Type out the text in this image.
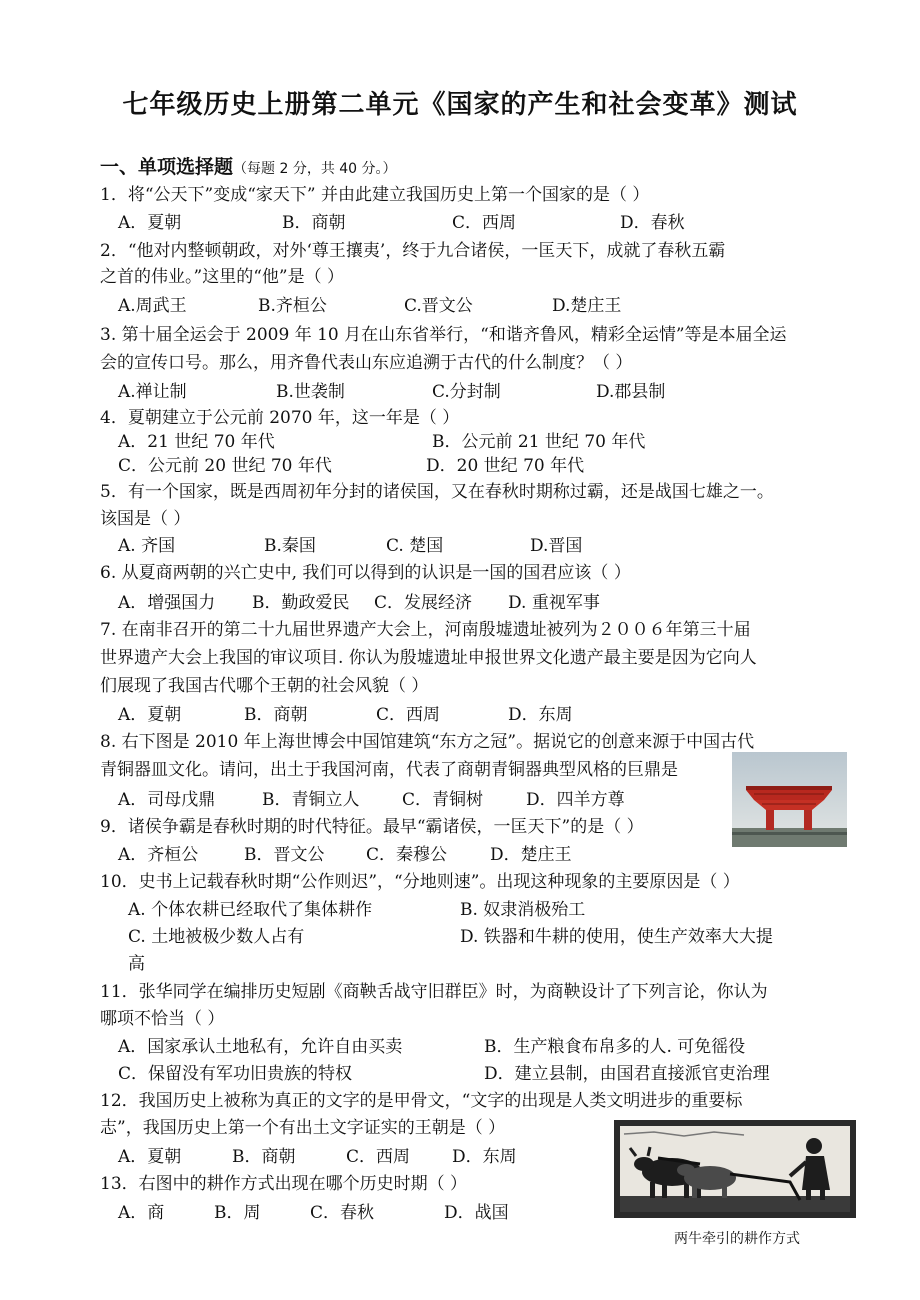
七年级历史上册第二单元《国家的产生和社会变革》测试
一、单项选择题（每题 2 分，共 40 分。）
1．将“公天下”变成“家天下” 并由此建立我国历史上第一个国家的是（ ）
A．夏朝	B．商朝	C．西周	D．春秋
2．“他对内整顿朝政，对外‘尊王攘夷’，终于九合诸侯，一匡天下，成就了春秋五霸
之首的伟业。”这里的“他”是（ ）
A.周武王	B.齐桓公	C.晋文公	D.楚庄王
3. 第十届全运会于 2009 年 10 月在山东省举行，“和谐齐鲁风，精彩全运情”等是本届全运
会的宣传口号。那么，用齐鲁代表山东应追溯于古代的什么制度？（ ）
A.禅让制	B.世袭制	C.分封制	D.郡县制
4．夏朝建立于公元前 2070 年，这一年是（ ）
A．21 世纪 70 年代	B．公元前 21 世纪 70 年代
C．公元前 20 世纪 70 年代	D．20 世纪 70 年代
5．有一个国家，既是西周初年分封的诸侯国，又在春秋时期称过霸，还是战国七雄之一。
该国是（ ）
A. 齐国	B.秦国	C. 楚国	D.晋国
6. 从夏商两朝的兴亡史中, 我们可以得到的认识是一国的国君应该（ ）
A．增强国力 B．勤政爱民 C．发展经济 D. 重视军事
7. 在南非召开的第二十九届世界遗产大会上，河南殷墟遗址被列为２００６年第三十届
世界遗产大会上我国的审议项目. 你认为殷墟遗址申报世界文化遗产最主要是因为它向人
们展现了我国古代哪个王朝的社会风貌（ ）
A．夏朝	B．商朝	C．西周	D．东周
8. 右下图是 2010 年上海世博会中国馆建筑“东方之冠”。据说它的创意来源于中国古代
青铜器皿文化。请问，出土于我国河南，代表了商朝青铜器典型风格的巨鼎是
A．司母戊鼎	B．青铜立人	C．青铜树	D．四羊方尊
9．诸侯争霸是春秋时期的时代特征。最早“霸诸侯，一匡天下”的是（ ）
A．齐桓公	B．晋文公 C．秦穆公	D．楚庄王
10．史书上记载春秋时期“公作则迟”，“分地则速”。出现这种现象的主要原因是（ ）
A. 个体农耕已经取代了集体耕作	B. 奴隶消极殆工
C. 土地被极少数人占有	D. 铁器和牛耕的使用，使生产效率大大提
高
11．张华同学在编排历史短剧《商鞅舌战守旧群臣》时，为商鞅设计了下列言论，你认为
哪项不恰当（ ）
A．国家承认土地私有，允许自由买卖	B．生产粮食布帛多的人. 可免徭役
C．保留没有军功旧贵族的特权	D．建立县制，由国君直接派官吏治理
12．我国历史上被称为真正的文字的是甲骨文，“文字的出现是人类文明进步的重要标
志”，我国历史上第一个有出土文字证实的王朝是（ ）
A．夏朝	B．商朝	C．西周 D．东周
13．右图中的耕作方式出现在哪个历史时期（ ）
A．商	B．周	C．春秋	D．战国
两牛牵引的耕作方式
